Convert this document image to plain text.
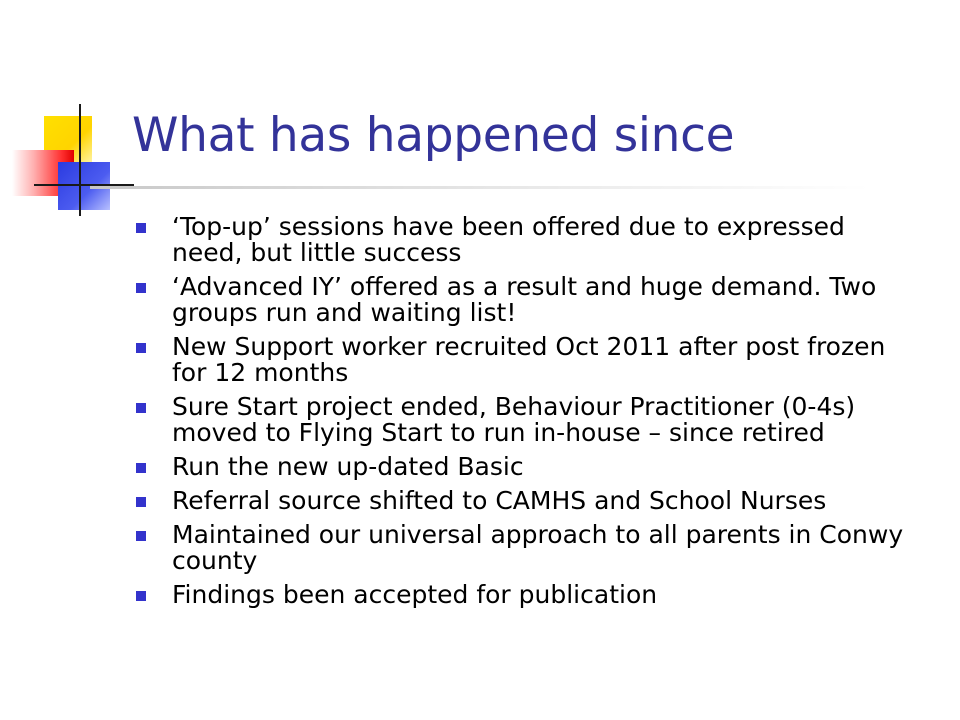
What has happened since
‘Top-up’ sessions have been offered due to expressed need, but little success
‘Advanced IY’ offered as a result and huge demand. Two groups run and waiting list!
New Support worker recruited Oct 2011 after post frozen for 12 months
Sure Start project ended, Behaviour Practitioner (0-4s) moved to Flying Start to run in-house – since retired
Run the new up-dated Basic
Referral source shifted to CAMHS and School Nurses
Maintained our universal approach to all parents in Conwy county
Findings been accepted for publication
